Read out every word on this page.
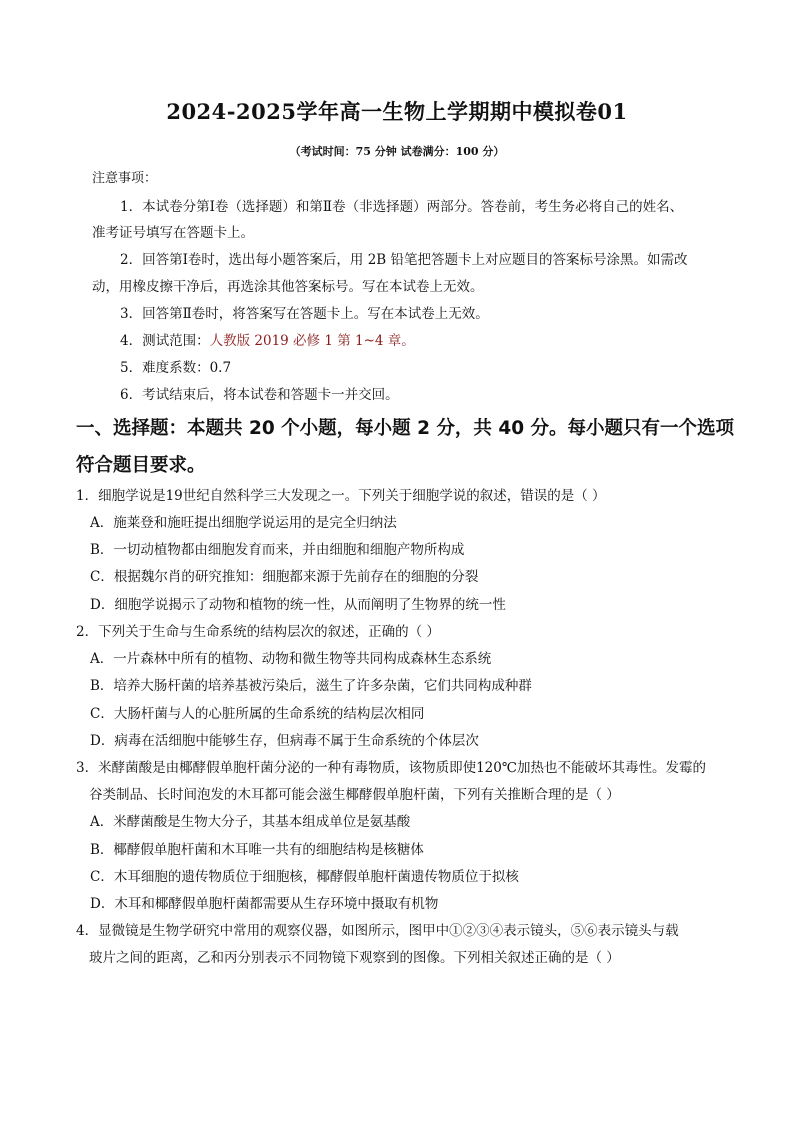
2024-2025学年高一生物上学期期中模拟卷01
（考试时间：75 分钟 试卷满分：100 分）
注意事项：
1．本试卷分第Ⅰ卷（选择题）和第Ⅱ卷（非选择题）两部分。答卷前，考生务必将自己的姓名、
准考证号填写在答题卡上。
2．回答第Ⅰ卷时，选出每小题答案后，用 2B 铅笔把答题卡上对应题目的答案标号涂黑。如需改
动，用橡皮擦干净后，再选涂其他答案标号。写在本试卷上无效。
3．回答第Ⅱ卷时，将答案写在答题卡上。写在本试卷上无效。
4．测试范围：人教版 2019 必修 1 第 1~4 章。
5．难度系数：0.7
6．考试结束后，将本试卷和答题卡一并交回。
一、选择题：本题共 20 个小题，每小题 2 分，共 40 分。每小题只有一个选项
符合题目要求。
1．细胞学说是19世纪自然科学三大发现之一。下列关于细胞学说的叙述，错误的是（ ）
A．施莱登和施旺提出细胞学说运用的是完全归纳法
B．一切动植物都由细胞发育而来，并由细胞和细胞产物所构成
C．根据魏尔肖的研究推知：细胞都来源于先前存在的细胞的分裂
D．细胞学说揭示了动物和植物的统一性，从而阐明了生物界的统一性
2．下列关于生命与生命系统的结构层次的叙述，正确的（ ）
A．一片森林中所有的植物、动物和微生物等共同构成森林生态系统
B．培养大肠杆菌的培养基被污染后，滋生了许多杂菌，它们共同构成种群
C．大肠杆菌与人的心脏所属的生命系统的结构层次相同
D．病毒在活细胞中能够生存，但病毒不属于生命系统的个体层次
3．米酵菌酸是由椰酵假单胞杆菌分泌的一种有毒物质，该物质即使120℃加热也不能破坏其毒性。发霉的
谷类制品、长时间泡发的木耳都可能会滋生椰酵假单胞杆菌，下列有关推断合理的是（ ）
A．米酵菌酸是生物大分子，其基本组成单位是氨基酸
B．椰酵假单胞杆菌和木耳唯一共有的细胞结构是核糖体
C．木耳细胞的遗传物质位于细胞核，椰酵假单胞杆菌遗传物质位于拟核
D．木耳和椰酵假单胞杆菌都需要从生存环境中摄取有机物
4．显微镜是生物学研究中常用的观察仪器，如图所示，图甲中①②③④表示镜头，⑤⑥表示镜头与载
玻片之间的距离，乙和丙分别表示不同物镜下观察到的图像。下列相关叙述正确的是（ ）
